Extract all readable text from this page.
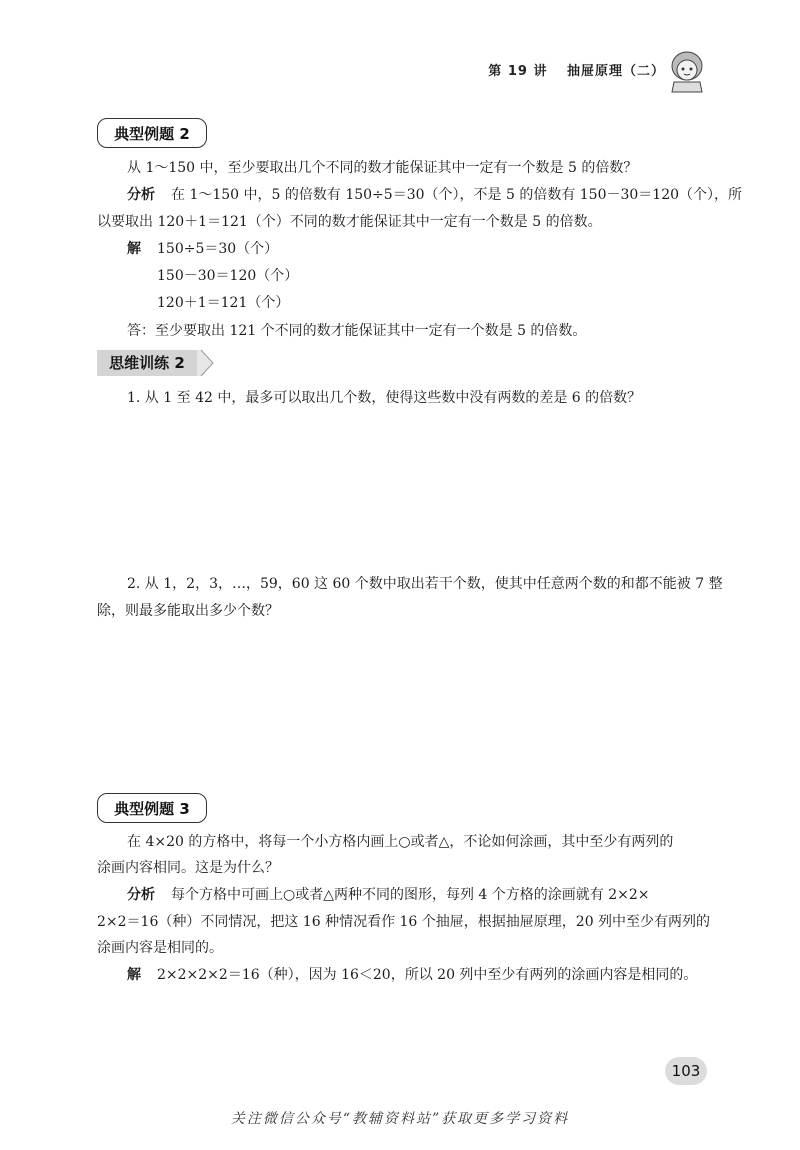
第 19 讲 抽屉原理（二）
典型例题 2
从 1～150 中，至少要取出几个不同的数才能保证其中一定有一个数是 5 的倍数？
分析 在 1～150 中，5 的倍数有 150÷5＝30（个），不是 5 的倍数有 150－30＝120（个），所
以要取出 120＋1＝121（个）不同的数才能保证其中一定有一个数是 5 的倍数。
解 150÷5＝30（个）
150－30＝120（个）
120＋1＝121（个）
答：至少要取出 121 个不同的数才能保证其中一定有一个数是 5 的倍数。
思维训练 2
1. 从 1 至 42 中，最多可以取出几个数，使得这些数中没有两数的差是 6 的倍数？
2. 从 1，2，3，…，59，60 这 60 个数中取出若干个数，使其中任意两个数的和都不能被 7 整
除，则最多能取出多少个数？
典型例题 3
在 4×20 的方格中，将每一个小方格内画上○或者△，不论如何涂画，其中至少有两列的
涂画内容相同。这是为什么？
分析 每个方格中可画上○或者△两种不同的图形，每列 4 个方格的涂画就有 2×2×
2×2＝16（种）不同情况，把这 16 种情况看作 16 个抽屉，根据抽屉原理，20 列中至少有两列的
涂画内容是相同的。
解 2×2×2×2＝16（种），因为 16＜20，所以 20 列中至少有两列的涂画内容是相同的。
103
关注微信公众号“教辅资料站”获取更多学习资料
